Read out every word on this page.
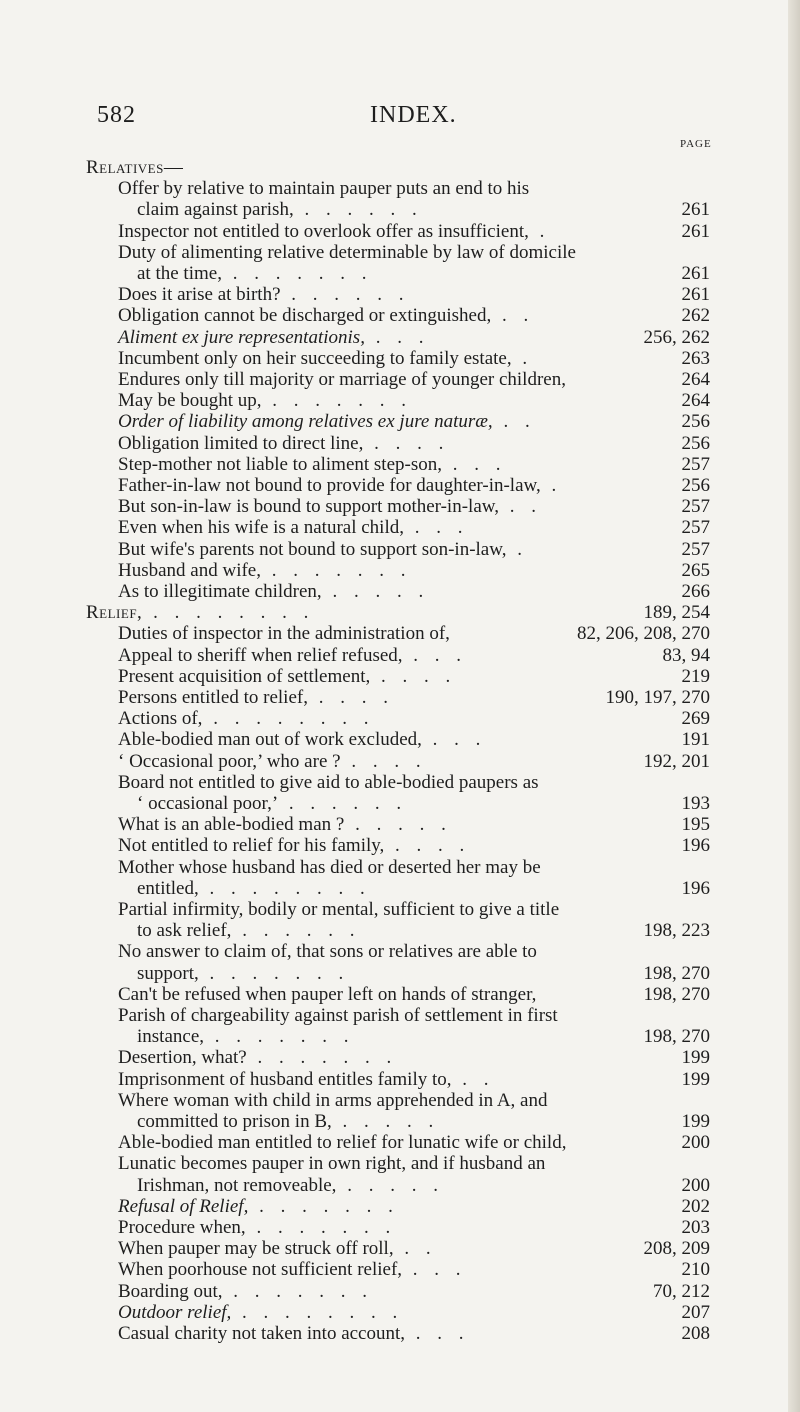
582	INDEX.
PAGE
Relatives—
Offer by relative to maintain pauper puts an end to his
claim against parish, . . . . . .	261
Inspector not entitled to overlook offer as insufficient, .	261
Duty of alimenting relative determinable by law of domicile
at the time, . . . . . . .	261
Does it arise at birth? . . . . . .	261
Obligation cannot be discharged or extinguished, . .	262
Aliment ex jure representationis, . . .	256, 262
Incumbent only on heir succeeding to family estate, .	263
Endures only till majority or marriage of younger children,	264
May be bought up, . . . . . . .	264
Order of liability among relatives ex jure naturæ, . .	256
Obligation limited to direct line, . . . .	256
Step-mother not liable to aliment step-son, . . .	257
Father-in-law not bound to provide for daughter-in-law, .	256
But son-in-law is bound to support mother-in-law, . .	257
Even when his wife is a natural child, . . .	257
But wife's parents not bound to support son-in-law, .	257
Husband and wife, . . . . . . .	265
As to illegitimate children, . . . . .	266
Relief, . . . . . . . .	189, 254
Duties of inspector in the administration of,	82, 206, 208, 270
Appeal to sheriff when relief refused, . . .	83, 94
Present acquisition of settlement, . . . .	219
Persons entitled to relief, . . . .	190, 197, 270
Actions of, . . . . . . . .	269
Able-bodied man out of work excluded, . . .	191
‘ Occasional poor,’ who are ? . . . .	192, 201
Board not entitled to give aid to able-bodied paupers as
‘ occasional poor,’ . . . . . .	193
What is an able-bodied man ? . . . . .	195
Not entitled to relief for his family, . . . .	196
Mother whose husband has died or deserted her may be
entitled, . . . . . . . .	196
Partial infirmity, bodily or mental, sufficient to give a title
to ask relief, . . . . . .	198, 223
No answer to claim of, that sons or relatives are able to
support, . . . . . . .	198, 270
Can't be refused when pauper left on hands of stranger,	198, 270
Parish of chargeability against parish of settlement in first
instance, . . . . . . .	198, 270
Desertion, what? . . . . . . .	199
Imprisonment of husband entitles family to, . .	199
Where woman with child in arms apprehended in A, and
committed to prison in B, . . . . .	199
Able-bodied man entitled to relief for lunatic wife or child,	200
Lunatic becomes pauper in own right, and if husband an
Irishman, not removeable, . . . . .	200
Refusal of Relief, . . . . . . .	202
Procedure when, . . . . . . .	203
When pauper may be struck off roll, . .	208, 209
When poorhouse not sufficient relief, . . .	210
Boarding out, . . . . . . .	70, 212
Outdoor relief, . . . . . . . .	207
Casual charity not taken into account, . . .	208
